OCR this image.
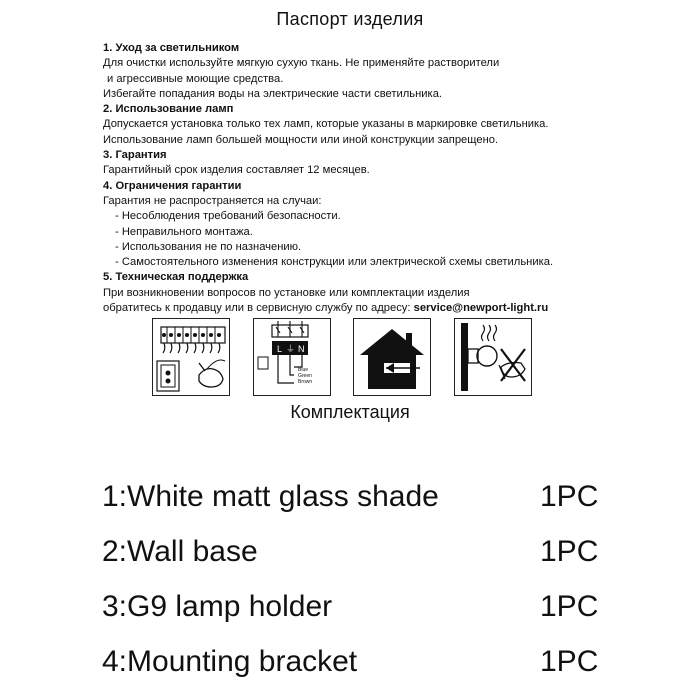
Паспорт изделия
1. Уход за светильником
Для очистки используйте мягкую сухую ткань. Не применяйте растворители
и агрессивные моющие средства.
Избегайте попадания воды на электрические части светильника.
2. Использование ламп
Допускается установка только тех ламп, которые указаны в маркировке светильника.
Использование ламп большей мощности или иной конструкции запрещено.
3. Гарантия
Гарантийный срок изделия составляет 12 месяцев.
4. Ограничения гарантии
Гарантия не распространяется на случаи:
- Несоблюдения требований безопасности.
- Неправильного монтажа.
- Использования не по назначению.
- Самостоятельного изменения конструкции или электрической схемы светильника.
5. Техническая поддержка
При возникновении вопросов по установке или комплектации изделия
обратитесь к продавцу или в сервисную службу по адресу: service@newport-light.ru
L ⏚ N
Blue
Green
Brown
Комплектация
1:White matt glass shade	1PC
2:Wall base	1PC
3:G9 lamp holder	1PC
4:Mounting bracket	1PC
